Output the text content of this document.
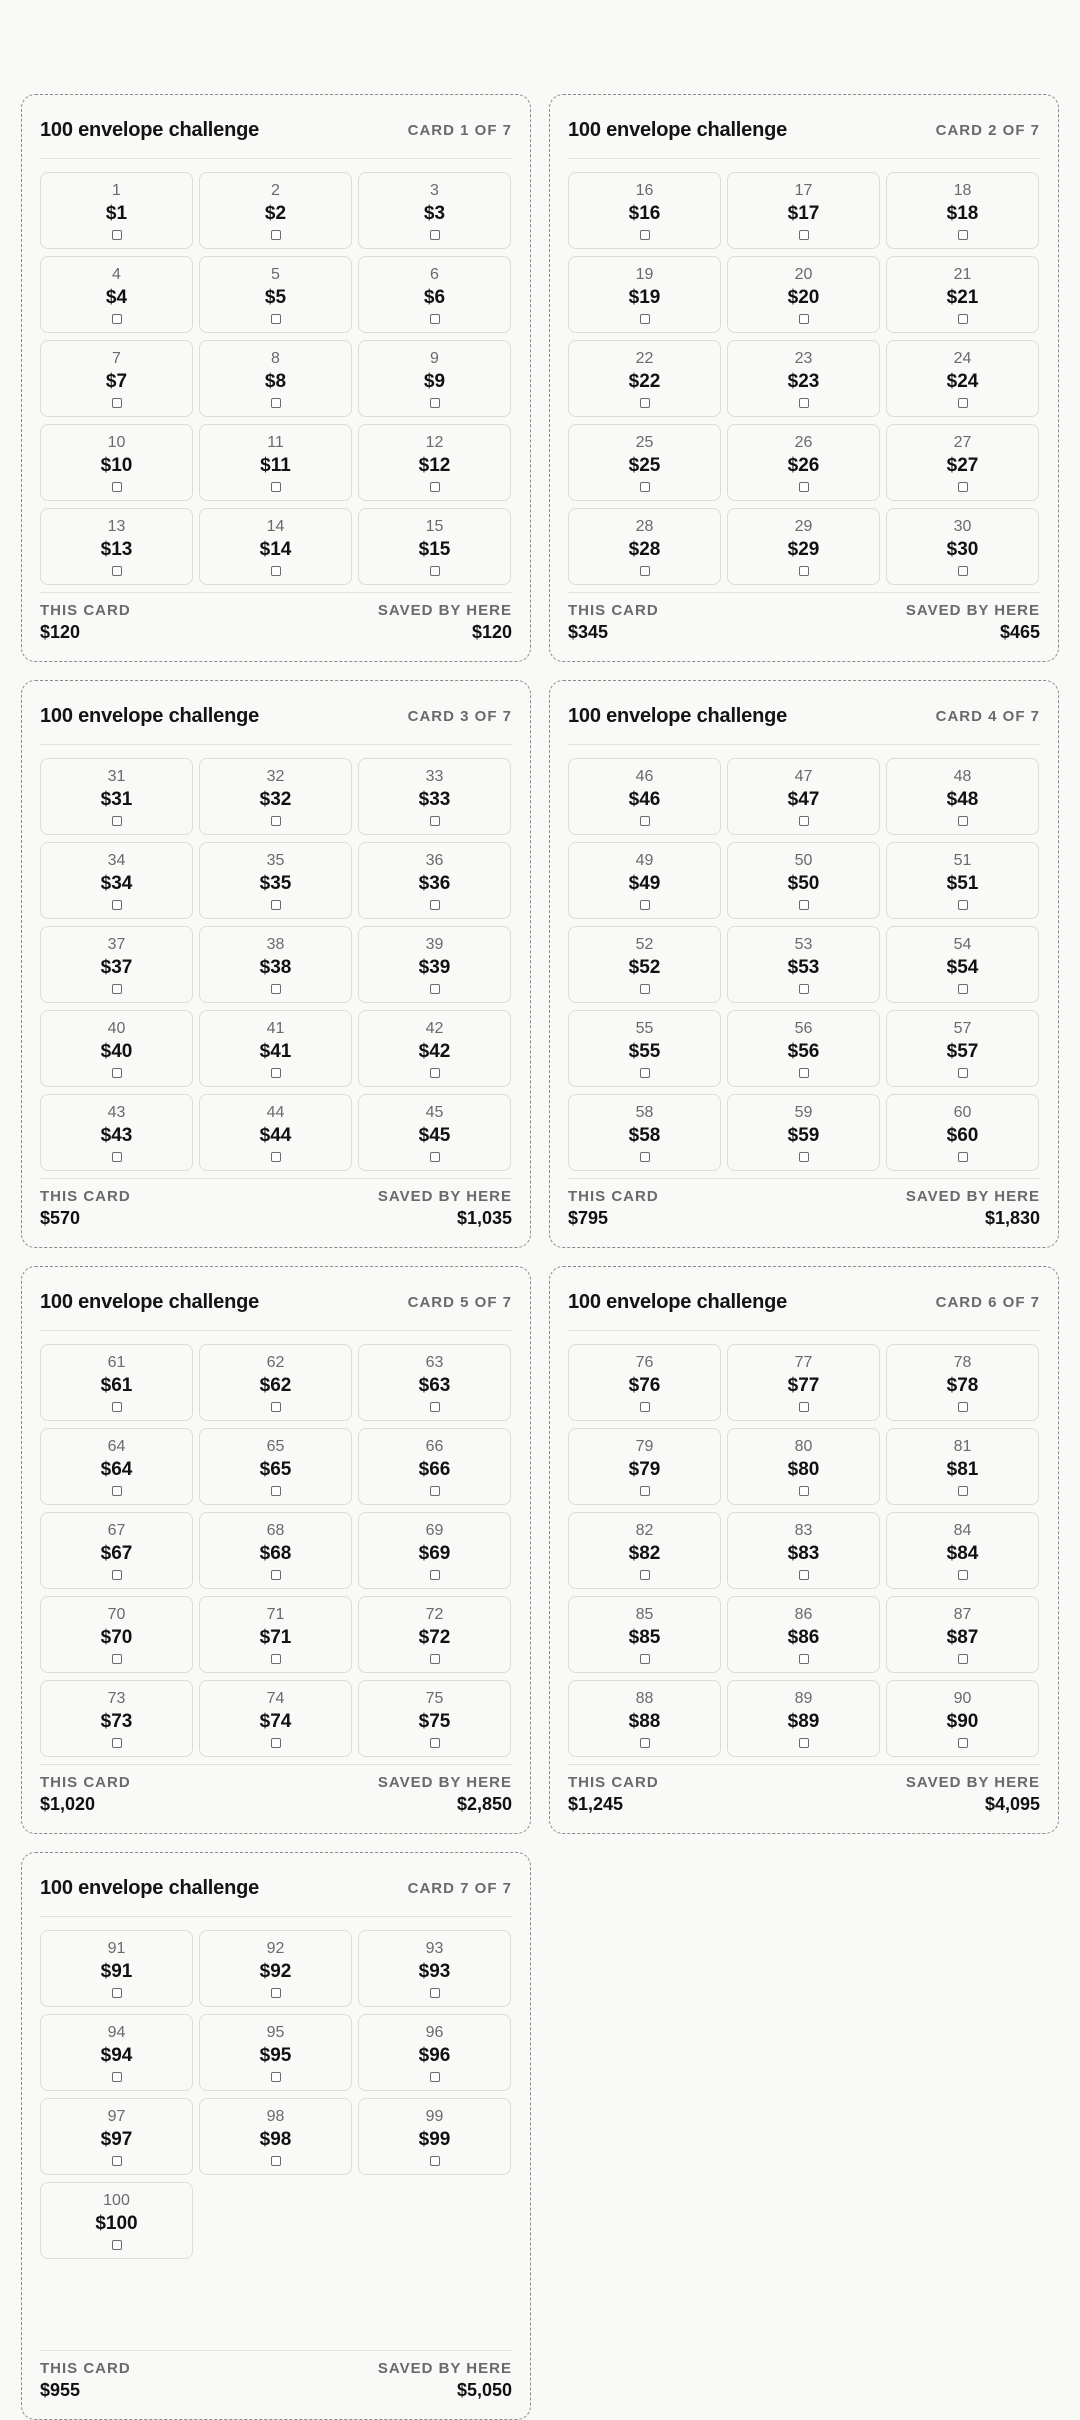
100 envelope challenge	CARD 1 OF 7
1
$1
2
$2
3
$3
4
$4
5
$5
6
$6
7
$7
8
$8
9
$9
10
$10
11
$11
12
$12
13
$13
14
$14
15
$15
THIS CARD
$120
SAVED BY HERE
$120
100 envelope challenge	CARD 2 OF 7
16
$16
17
$17
18
$18
19
$19
20
$20
21
$21
22
$22
23
$23
24
$24
25
$25
26
$26
27
$27
28
$28
29
$29
30
$30
THIS CARD
$345
SAVED BY HERE
$465
100 envelope challenge	CARD 3 OF 7
31
$31
32
$32
33
$33
34
$34
35
$35
36
$36
37
$37
38
$38
39
$39
40
$40
41
$41
42
$42
43
$43
44
$44
45
$45
THIS CARD
$570
SAVED BY HERE
$1,035
100 envelope challenge	CARD 4 OF 7
46
$46
47
$47
48
$48
49
$49
50
$50
51
$51
52
$52
53
$53
54
$54
55
$55
56
$56
57
$57
58
$58
59
$59
60
$60
THIS CARD
$795
SAVED BY HERE
$1,830
100 envelope challenge	CARD 5 OF 7
61
$61
62
$62
63
$63
64
$64
65
$65
66
$66
67
$67
68
$68
69
$69
70
$70
71
$71
72
$72
73
$73
74
$74
75
$75
THIS CARD
$1,020
SAVED BY HERE
$2,850
100 envelope challenge	CARD 6 OF 7
76
$76
77
$77
78
$78
79
$79
80
$80
81
$81
82
$82
83
$83
84
$84
85
$85
86
$86
87
$87
88
$88
89
$89
90
$90
THIS CARD
$1,245
SAVED BY HERE
$4,095
100 envelope challenge	CARD 7 OF 7
91
$91
92
$92
93
$93
94
$94
95
$95
96
$96
97
$97
98
$98
99
$99
100
$100
THIS CARD
$955
SAVED BY HERE
$5,050
